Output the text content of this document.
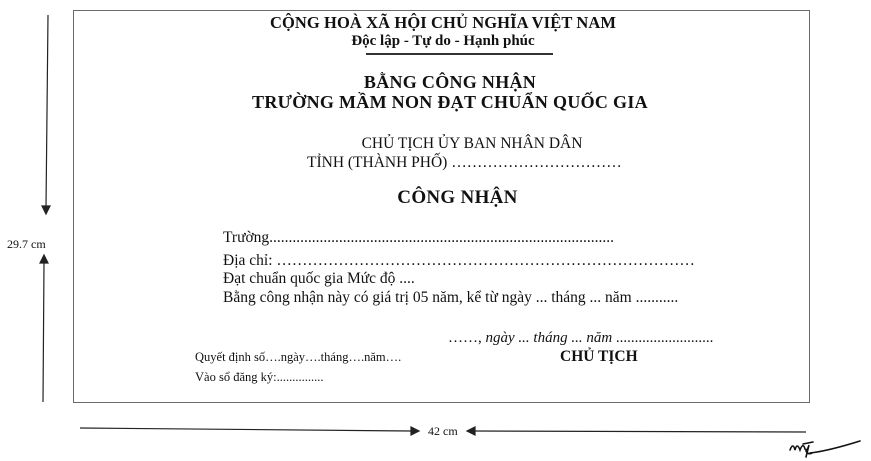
CỘNG HOÀ XÃ HỘI CHỦ NGHĨA VIỆT NAM
Độc lập - Tự do - Hạnh phúc
BẰNG CÔNG NHẬN
TRƯỜNG MẦM NON ĐẠT CHUẨN QUỐC GIA
CHỦ TỊCH ỦY BAN NHÂN DÂN
TỈNH (THÀNH PHỐ) ……………………………
CÔNG NHẬN
Trường.........................................................................................
Địa chỉ: ………………………………………………………………………
Đạt chuẩn quốc gia Mức độ ....
Bằng công nhận này có giá trị 05 năm, kể từ ngày ... tháng ... năm ...........
……, ngày ... tháng ... năm ..........................
CHỦ TỊCH
Quyết định số….ngày….tháng….năm….
Vào sổ đăng ký:...............
29.7 cm
42 cm
